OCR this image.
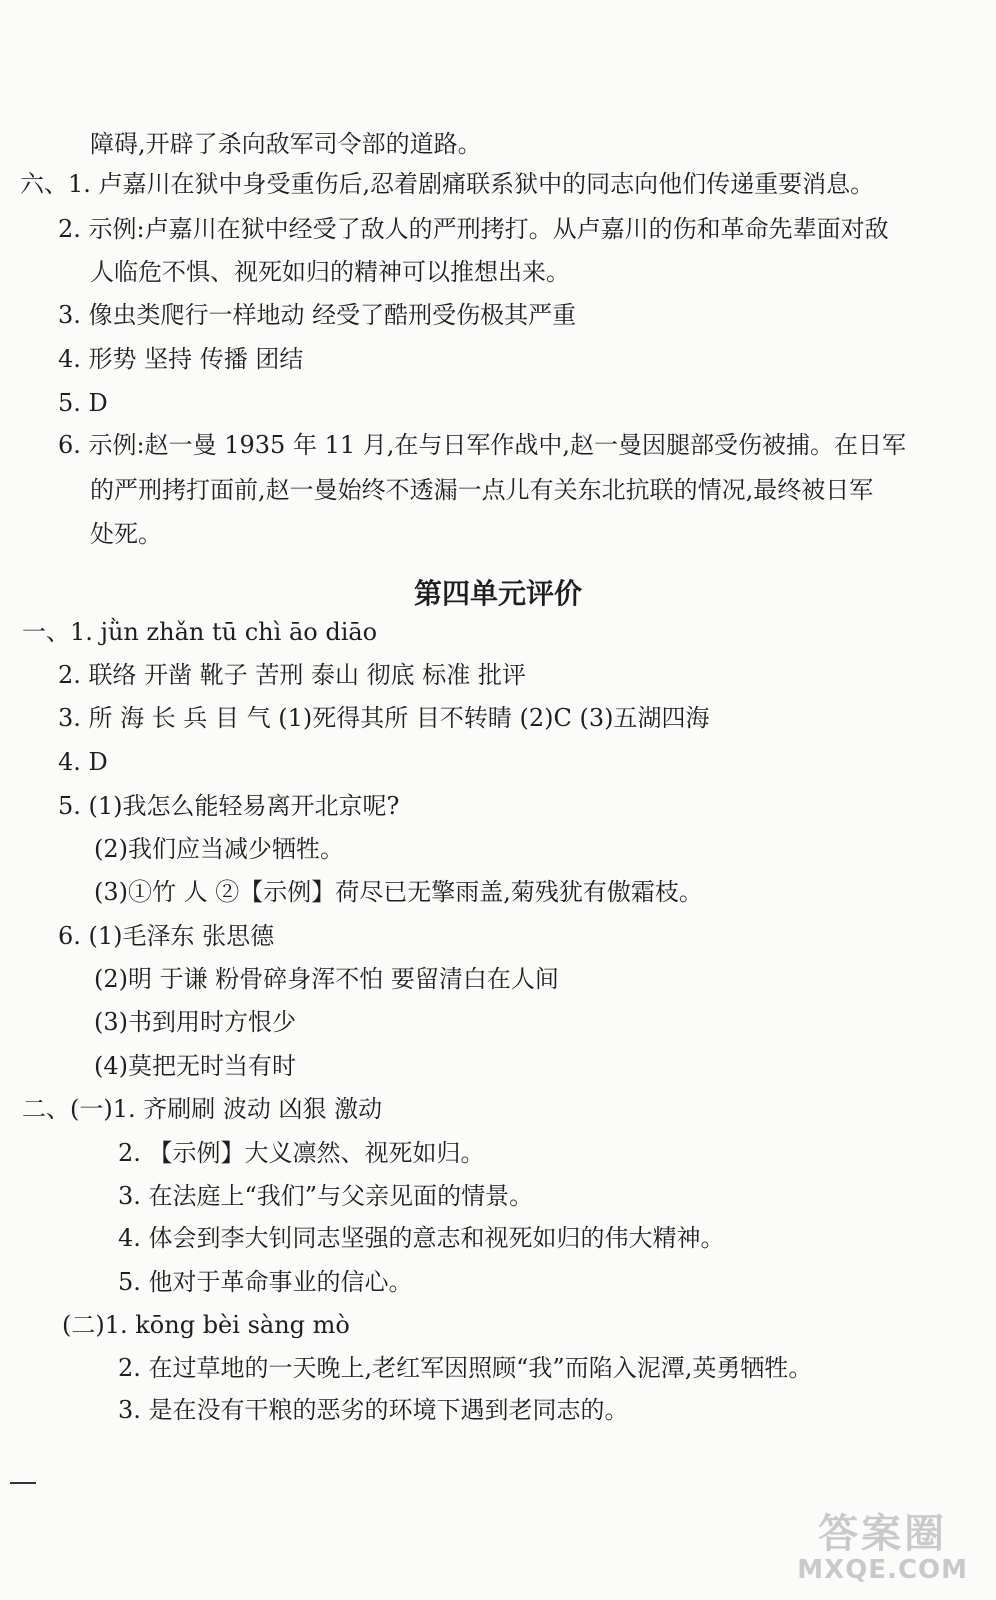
障碍,开辟了杀向敌军司令部的道路。
六、1. 卢嘉川在狱中身受重伤后,忍着剧痛联系狱中的同志向他们传递重要消息。
2. 示例:卢嘉川在狱中经受了敌人的严刑拷打。从卢嘉川的伤和革命先辈面对敌
人临危不惧、视死如归的精神可以推想出来。
3. 像虫类爬行一样地动 经受了酷刑受伤极其严重
4. 形势 坚持 传播 团结
5. D
6. 示例:赵一曼 1935 年 11 月,在与日军作战中,赵一曼因腿部受伤被捕。在日军
的严刑拷打面前,赵一曼始终不透漏一点儿有关东北抗联的情况,最终被日军
处死。
第四单元评价
一、1. jǜn zhǎn tū chì āo diāo
2. 联络 开凿 靴子 苦刑 泰山 彻底 标准 批评
3. 所 海 长 兵 目 气 (1)死得其所 目不转睛 (2)C (3)五湖四海
4. D
5. (1)我怎么能轻易离开北京呢?
(2)我们应当减少牺牲。
(3)①竹 人 ②【示例】荷尽已无擎雨盖,菊残犹有傲霜枝。
6. (1)毛泽东 张思德
(2)明 于谦 粉骨碎身浑不怕 要留清白在人间
(3)书到用时方恨少
(4)莫把无时当有时
二、(一)1. 齐刷刷 波动 凶狠 激动
2. 【示例】大义凛然、视死如归。
3. 在法庭上“我们”与父亲见面的情景。
4. 体会到李大钊同志坚强的意志和视死如归的伟大精神。
5. 他对于革命事业的信心。
(二)1. kōng bèi sàng mò
2. 在过草地的一天晚上,老红军因照顾“我”而陷入泥潭,英勇牺牲。
3. 是在没有干粮的恶劣的环境下遇到老同志的。
答案圈
MXQE.COM
